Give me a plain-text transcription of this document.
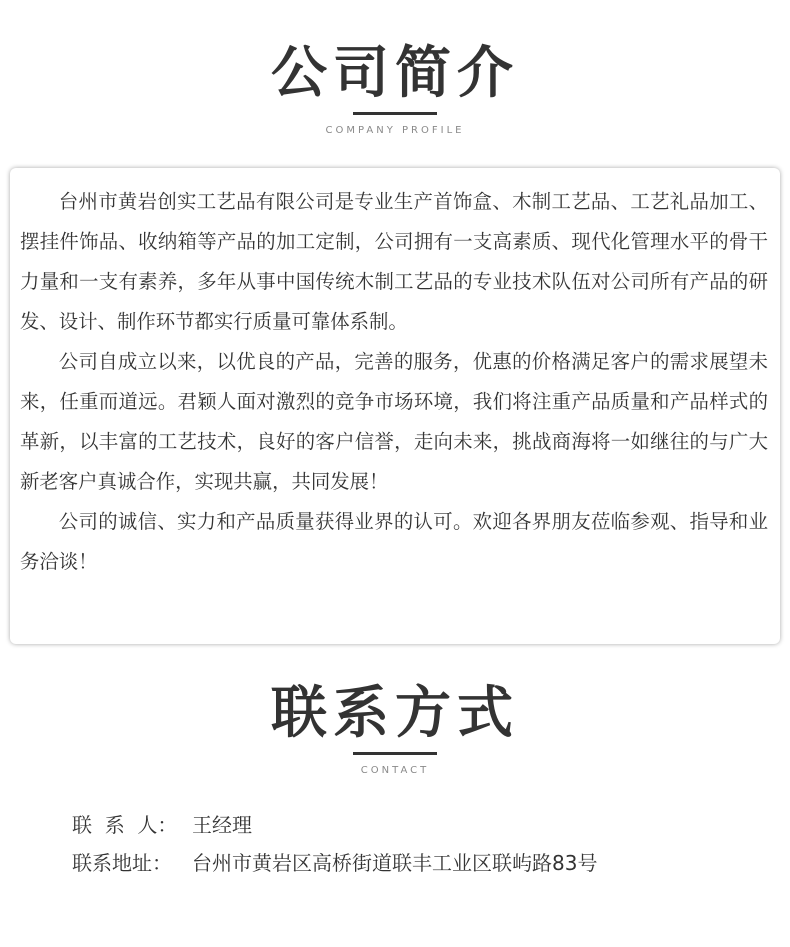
公司简介
COMPANY PROFILE

台州市黄岩创实工艺品有限公司是专业生产首饰盒、木制工艺品、工艺礼品加工、摆挂件饰品、收纳箱等产品的加工定制，公司拥有一支高素质、现代化管理水平的骨干力量和一支有素养，多年从事中国传统木制工艺品的专业技术队伍对公司所有产品的研发、设计、制作环节都实行质量可靠体系制。

公司自成立以来，以优良的产品，完善的服务，优惠的价格满足客户的需求展望未来，任重而道远。君颖人面对激烈的竞争市场环境，我们将注重产品质量和产品样式的革新，以丰富的工艺技术，良好的客户信誉，走向未来，挑战商海将一如继往的与广大新老客户真诚合作，实现共赢，共同发展！

公司的诚信、实力和产品质量获得业界的认可。欢迎各界朋友莅临参观、指导和业务洽谈！

联系方式
CONTACT
联  系  人： 王经理
联系地址：	台州市黄岩区高桥街道联丰工业区联屿路83号
